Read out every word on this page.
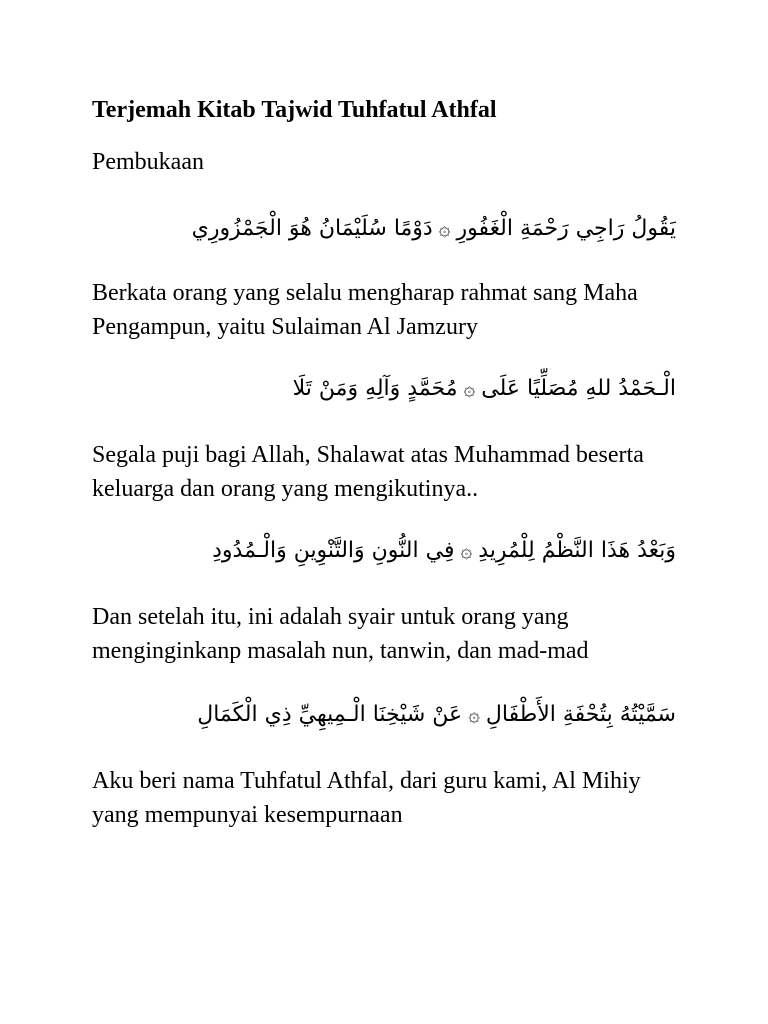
Terjemah Kitab Tajwid Tuhfatul Athfal
Pembukaan
يَقُولُ رَاجِي رَحْمَةِ الْغَفُورِ۞دَوْمًا سُلَيْمَانُ هُوَ الْجَمْزُورِي
Berkata orang yang selalu mengharap rahmat sang Maha Pengampun, yaitu Sulaiman Al Jamzury
الْـحَمْدُ للهِ مُصَلِّيًا عَلَى۞مُحَمَّدٍ وَآلِهِ وَمَنْ تَلَا
Segala puji bagi Allah, Shalawat atas Muhammad beserta keluarga dan orang yang mengikutinya..
وَبَعْدُ هَذَا النَّظْمُ لِلْمُرِيدِ۞فِي النُّونِ وَالتَّنْوِينِ وَالْـمُدُودِ
Dan setelah itu, ini adalah syair untuk orang yang menginginkanp masalah nun, tanwin, dan mad-mad
سَمَّيْتُهُ بِتُحْفَةِ الأَطْفَالِ۞عَنْ شَيْخِنَا الْـمِيهِيِّ ذِي الْكَمَالِ
Aku beri nama Tuhfatul Athfal, dari guru kami, Al Mihiy yang mempunyai kesempurnaan
